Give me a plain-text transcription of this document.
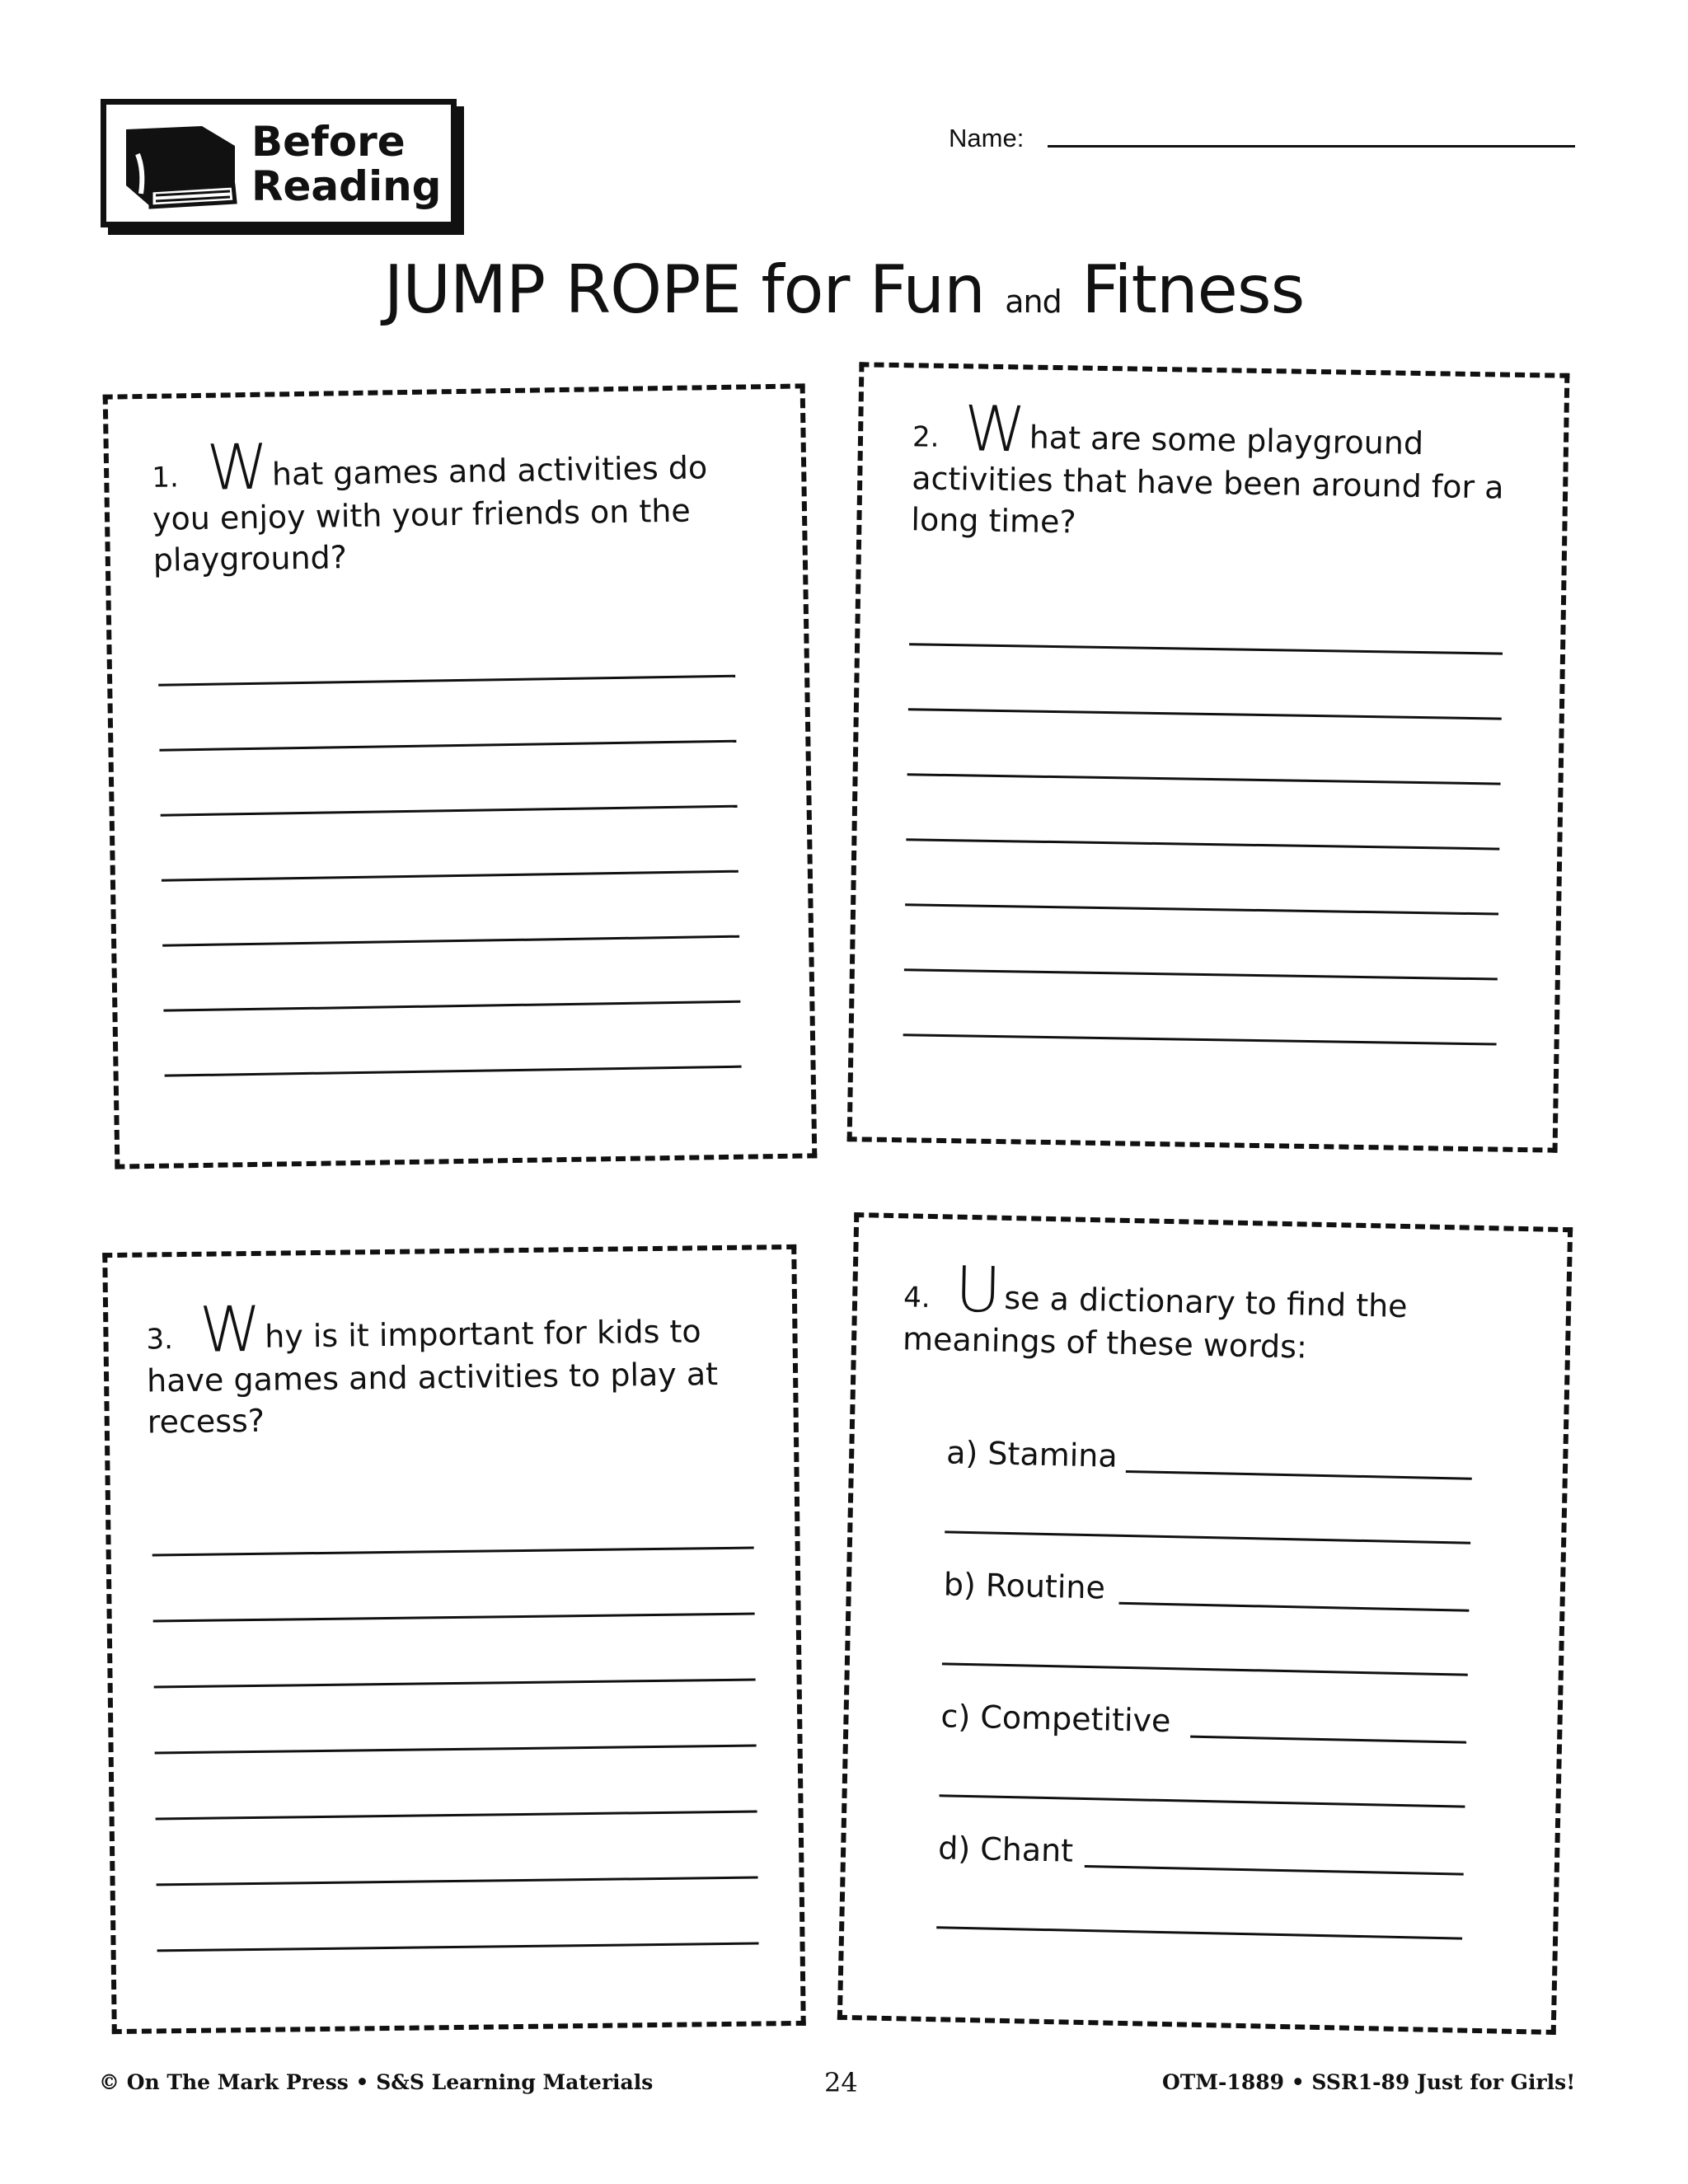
Before
Reading
Name:
JUMP ROPE for Fun and Fitness
1. What games and activities do you enjoy with your friends on the playground?
2. What are some playground activities that have been around for a long time?
3. Why is it important for kids to have games and activities to play at recess?
4. Use a dictionary to find the meanings of these words:
a) Stamina
b) Routine
c) Competitive
d) Chant
© On The Mark Press • S&S Learning Materials	24	OTM-1889 • SSR1-89 Just for Girls!
